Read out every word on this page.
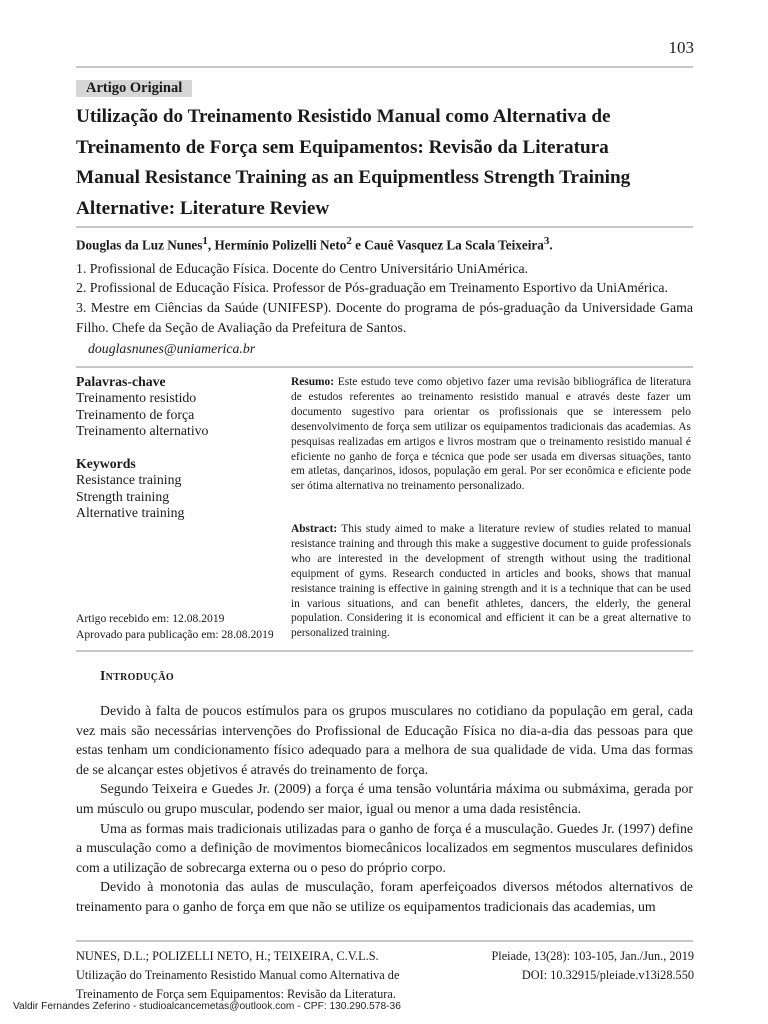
103
Artigo Original
Utilização do Treinamento Resistido Manual como Alternativa de
Treinamento de Força sem Equipamentos: Revisão da Literatura
Manual Resistance Training as an Equipmentless Strength Training
Alternative: Literature Review
Douglas da Luz Nunes$^1$, Hermínio Polizelli Neto$^2$ e Cauê Vasquez La Scala Teixeira$^3$.

1. Profissional de Educação Física. Docente do Centro Universitário UniAmérica.

2. Profissional de Educação Física. Professor de Pós-graduação em Treinamento Esportivo da UniAmérica.

3. Mestre em Ciências da Saúde (UNIFESP). Docente do programa de pós-graduação da Universidade Gama Filho. Chefe da Seção de Avaliação da Prefeitura de Santos.

douglasnunes@uniamerica.br
Palavras-chave
Treinamento resistido
Treinamento de força
Treinamento alternativo
Keywords
Resistance training
Strength training
Alternative training
Artigo recebido em: 12.08.2019
Aprovado para publicação em: 28.08.2019

Resumo: Este estudo teve como objetivo fazer uma revisão bibliográfica de literatura de estudos referentes ao treinamento resistido manual e através deste fazer um documento sugestivo para orientar os profissionais que se interessem pelo desenvolvimento de força sem utilizar os equipamentos tradicionais das academias. As pesquisas realizadas em artigos e livros mostram que o treinamento resistido manual é eficiente no ganho de força e técnica que pode ser usada em diversas situações, tanto em atletas, dançarinos, idosos, população em geral. Por ser econômica e eficiente pode ser ótima alternativa no treinamento personalizado.

Abstract: This study aimed to make a literature review of studies related to manual resistance training and through this make a suggestive document to guide professionals who are interested in the development of strength without using the traditional equipment of gyms. Research conducted in articles and books, shows that manual resistance training is effective in gaining strength and it is a technique that can be used in various situations, and can benefit athletes, dancers, the elderly, the general population. Considering it is economical and efficient it can be a great alternative to personalized training.

Introdução

Devido à falta de poucos estímulos para os grupos musculares no cotidiano da população em geral, cada vez mais são necessárias intervenções do Profissional de Educação Física no dia-a-dia das pessoas para que estas tenham um condicionamento físico adequado para a melhora de sua qualidade de vida. Uma das formas de se alcançar estes objetivos é através do treinamento de força.

Segundo Teixeira e Guedes Jr. (2009) a força é uma tensão voluntária máxima ou submáxima, gerada por um músculo ou grupo muscular, podendo ser maior, igual ou menor a uma dada resistência.

Uma as formas mais tradicionais utilizadas para o ganho de força é a musculação. Guedes Jr. (1997) define a musculação como a definição de movimentos biomecânicos localizados em segmentos musculares definidos com a utilização de sobrecarga externa ou o peso do próprio corpo.

Devido à monotonia das aulas de musculação, foram aperfeiçoados diversos métodos alternativos de treinamento para o ganho de força em que não se utilize os equipamentos tradicionais das academias, um

NUNES, D.L.; POLIZELLI NETO, H.; TEIXEIRA, C.V.L.S.
Utilização do Treinamento Resistido Manual como Alternativa de
Treinamento de Força sem Equipamentos: Revisão da Literatura.
Pleiade, 13(28): 103-105, Jan./Jun., 2019
DOI: 10.32915/pleiade.v13i28.550
Valdir Fernandes Zeferino - studioalcancemetas@outlook.com - CPF: 130.290.578-36
